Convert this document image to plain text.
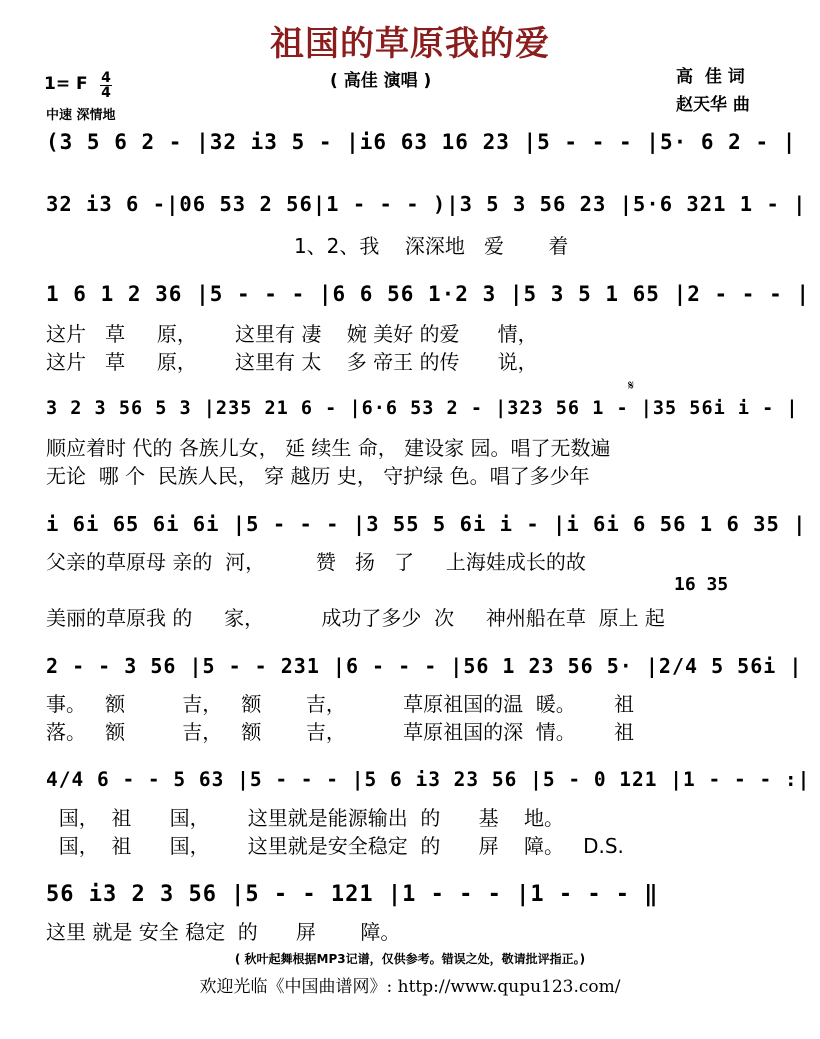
祖国的草原我的爱
( 高佳 演唱 )	高  佳 词
赵天华 曲
1= F 4
4
中速 深情地
(3 5 6 2 - |32 i3 5 - |i6 63 16 23 |5 - - - |5· 6 2 - |
32 i3 6 -|06 53 2 56|1 - - - )|3 5 3 56 23 |5·6 321 1 - |
1、2、我    深深地   爱       着
1 6 1 2 36 |5 - - - |6 6 56 1·2 3 |5 3 5 1 65 |2 - - - |
这片   草     原，      这里有 凄    婉 美好 的爱      情，
这片   草     原，      这里有 太    多 帝王 的传      说，
𝄋
3 2 3 56 5 3 |235 21 6 - |6·6 53 2 - |323 56 1 - |35 56i i - |
顺应着时 代的 各族儿女， 延 续生 命， 建设家 园。唱了无数遍
无论  哪 个  民族人民， 穿 越历 史， 守护绿 色。唱了多少年
i 6i 65 6i 6i |5 - - - |3 55 5 6i i - |i 6i 6 56 1 6 35 |
父亲的草原母 亲的  河，        赞   扬   了     上海娃成长的故
16 35
美丽的草原我 的     家，         成功了多少  次     神州船在草  原上 起
2 - - 3 56 |5 - - 231 |6 - - - |56 1 23 56 5· |2/4 5 56i |
事。   额         吉，   额       吉，         草原祖国的温  暖。      祖
落。   额         吉，   额       吉，         草原祖国的深  情。      祖
4/4 6 - - 5 63 |5 - - - |5 6 i3 23 56 |5 - 0 121 |1 - - - :|
国，  祖      国，      这里就是能源输出  的      基    地。
国，  祖      国，      这里就是安全稳定  的      屏    障。   D.S.
56 i3 2 3 56 |5 - - 121 |1 - - - |1 - - - ‖
这里 就是 安全 稳定  的      屏       障。
( 秋叶起舞根据MP3记谱，仅供参考。错误之处，敬请批评指正。)
欢迎光临《中国曲谱网》: http://www.qupu123.com/
